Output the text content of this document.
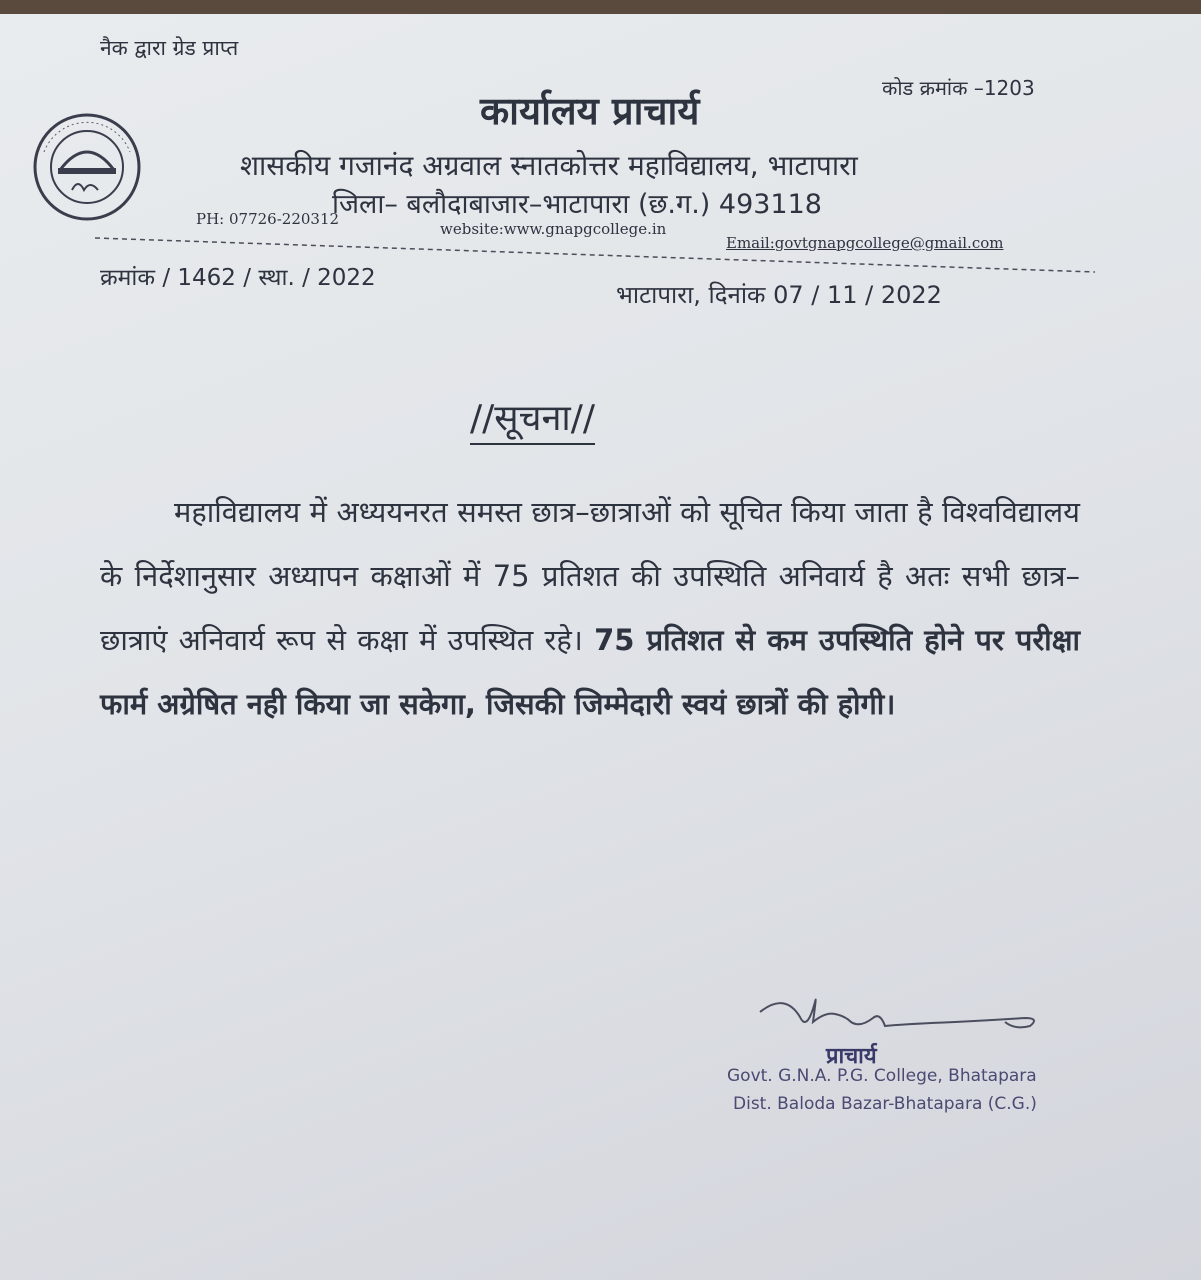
नैक द्वारा ग्रेड प्राप्त
कोड क्रमांक –1203
कार्यालय प्राचार्य
शासकीय गजानंद अग्रवाल स्नातकोत्तर महाविद्यालय, भाटापारा
जिला– बलौदाबाजार–भाटापारा (छ.ग.) 493118
PH: 07726-220312
website:www.gnapgcollege.in
Email:govtgnapgcollege@gmail.com
क्रमांक / 1462 / स्था. / 2022
भाटापारा, दिनांक 07 / 11 / 2022
//सूचना//
महाविद्यालय में अध्ययनरत समस्त छात्र–छात्राओं को सूचित किया जाता है विश्वविद्यालय के निर्देशानुसार अध्यापन कक्षाओं में 75 प्रतिशत की उपस्थिति अनिवार्य है अतः सभी छात्र–छात्राएं अनिवार्य रूप से कक्षा में उपस्थित रहे। 75 प्रतिशत से कम उपस्थिति होने पर परीक्षा फार्म अग्रेषित नही किया जा सकेगा, जिसकी जिम्मेदारी स्वयं छात्रों की होगी।
प्राचार्य
Govt. G.N.A. P.G. College, Bhatapara
Dist. Baloda Bazar-Bhatapara (C.G.)
